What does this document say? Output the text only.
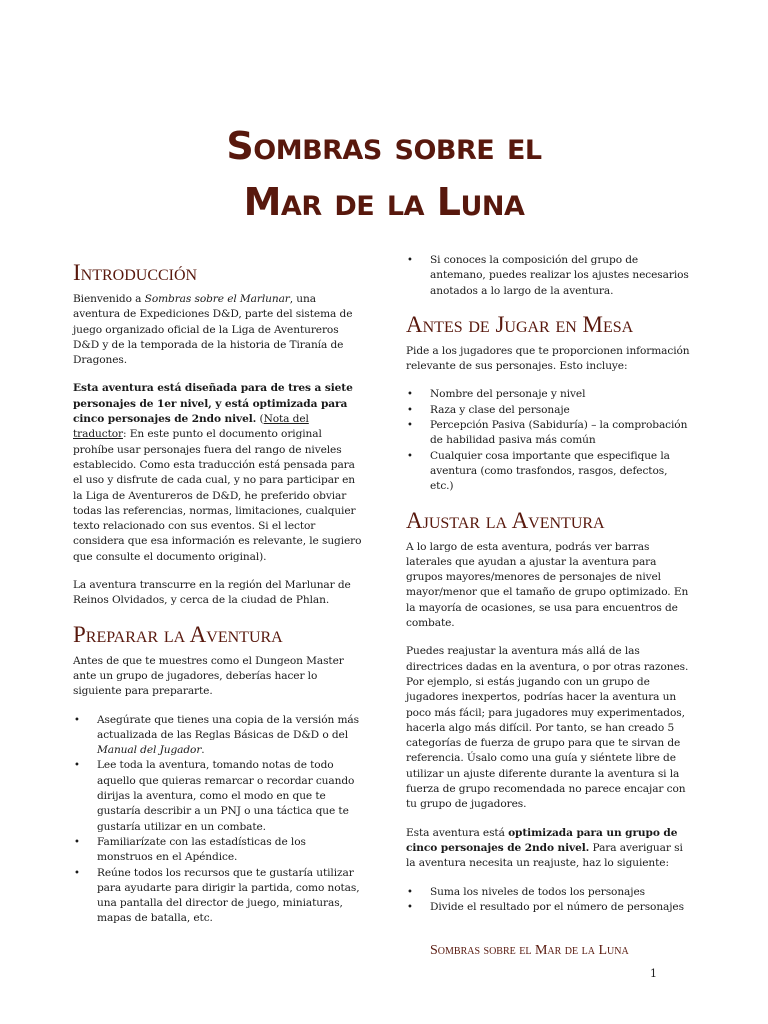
Sombras sobre el
Mar de la Luna
Introducción

Bienvenido a Sombras sobre el Marlunar, una aventura de Expediciones D&D, parte del sistema de juego organizado oficial de la Liga de Aventureros D&D y de la temporada de la historia de Tiranía de Dragones.

Esta aventura está diseñada para de tres a siete personajes de 1er nivel, y está optimizada para cinco personajes de 2ndo nivel. (Nota del traductor: En este punto el documento original prohíbe usar personajes fuera del rango de niveles establecido. Como esta traducción está pensada para el uso y disfrute de cada cual, y no para participar en la Liga de Aventureros de D&D, he preferido obviar todas las referencias, normas, limitaciones, cualquier texto relacionado con sus eventos. Si el lector considera que esa información es relevante, le sugiero que consulte el documento original).

La aventura transcurre en la región del Marlunar de Reinos Olvidados, y cerca de la ciudad de Phlan.

Preparar la Aventura

Antes de que te muestres como el Dungeon Master ante un grupo de jugadores, deberías hacer lo siguiente para prepararte.

• Asegúrate que tienes una copia de la versión más actualizada de las Reglas Básicas de D&D o del Manual del Jugador.
• Lee toda la aventura, tomando notas de todo aquello que quieras remarcar o recordar cuando dirijas la aventura, como el modo en que te gustaría describir a un PNJ o una táctica que te gustaría utilizar en un combate.
• Familiarízate con las estadísticas de los monstruos en el Apéndice.
• Reúne todos los recursos que te gustaría utilizar para ayudarte para dirigir la partida, como notas, una pantalla del director de juego, miniaturas, mapas de batalla, etc.
• Si conoces la composición del grupo de antemano, puedes realizar los ajustes necesarios anotados a lo largo de la aventura.
Antes de Jugar en Mesa

Pide a los jugadores que te proporcionen información relevante de sus personajes. Esto incluye:

• Nombre del personaje y nivel
• Raza y clase del personaje
• Percepción Pasiva (Sabiduría) – la comprobación de habilidad pasiva más común
• Cualquier cosa importante que especifique la aventura (como trasfondos, rasgos, defectos, etc.)
Ajustar la Aventura

A lo largo de esta aventura, podrás ver barras laterales que ayudan a ajustar la aventura para grupos mayores/menores de personajes de nivel mayor/menor que el tamaño de grupo optimizado. En la mayoría de ocasiones, se usa para encuentros de combate.

Puedes reajustar la aventura más allá de las directrices dadas en la aventura, o por otras razones. Por ejemplo, si estás jugando con un grupo de jugadores inexpertos, podrías hacer la aventura un poco más fácil; para jugadores muy experimentados, hacerla algo más difícil. Por tanto, se han creado 5 categorías de fuerza de grupo para que te sirvan de referencia. Úsalo como una guía y siéntete libre de utilizar un ajuste diferente durante la aventura si la fuerza de grupo recomendada no parece encajar con tu grupo de jugadores.

Esta aventura está optimizada para un grupo de cinco personajes de 2ndo nivel. Para averiguar si la aventura necesita un reajuste, haz lo siguiente:

• Suma los niveles de todos los personajes
• Divide el resultado por el número de personajes
Sombras sobre el Mar de la Luna
1
